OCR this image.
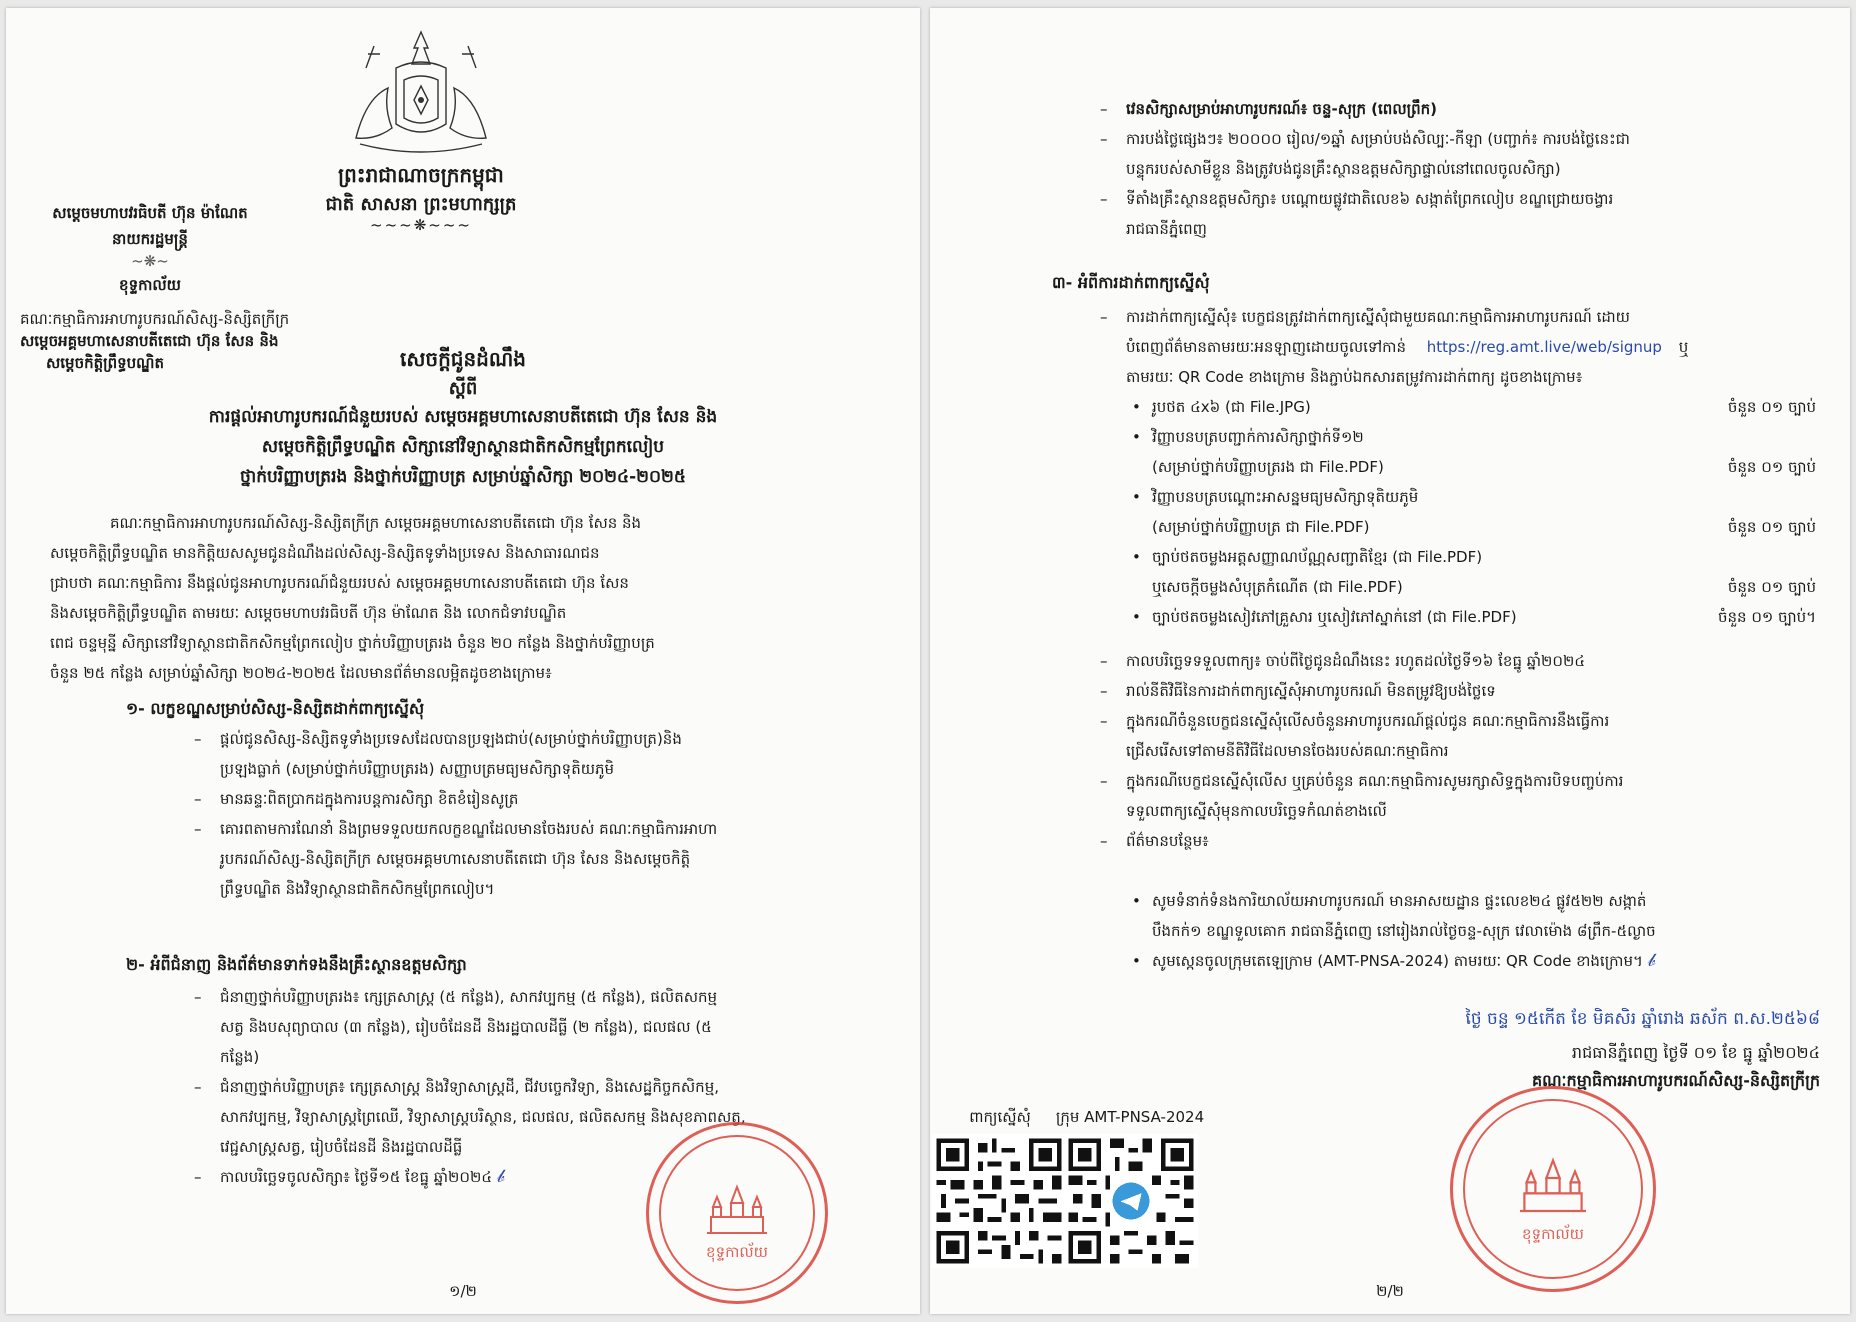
ព្រះរាជាណាចក្រកម្ពុជា
ជាតិ សាសនា ព្រះមហាក្សត្រ
~~~❋~~~
សម្តេចមហាបវរធិបតី ហ៊ុន ម៉ាណែត
នាយករដ្ឋមន្ត្រី
~❋~
ខុទ្ទកាល័យ
គណៈកម្មាធិការអាហារូបករណ៍សិស្ស-និស្សិតក្រីក្រ
សម្តេចអគ្គមហាសេនាបតីតេជោ ហ៊ុន សែន និង
សម្តេចកិត្តិព្រឹទ្ធបណ្ឌិត	សេចក្តីជូនដំណឹង
ស្តីពី
ការផ្តល់អាហារូបករណ៍ជំនួយរបស់ សម្តេចអគ្គមហាសេនាបតីតេជោ ហ៊ុន សែន និង
សម្តេចកិត្តិព្រឹទ្ធបណ្ឌិត សិក្សានៅវិទ្យាស្ថានជាតិកសិកម្មព្រែកលៀប
ថ្នាក់បរិញ្ញាបត្ររង និងថ្នាក់បរិញ្ញាបត្រ សម្រាប់ឆ្នាំសិក្សា ២០២៤-២០២៥
គណៈកម្មាធិការអាហារូបករណ៍សិស្ស-និស្សិតក្រីក្រ សម្តេចអគ្គមហាសេនាបតីតេជោ ហ៊ុន សែន និង
សម្តេចកិត្តិព្រឹទ្ធបណ្ឌិត មានកិត្តិយសសូមជូនដំណឹងដល់សិស្ស-និស្សិតទូទាំងប្រទេស និងសាធារណជន
ជ្រាបថា គណៈកម្មាធិការ នឹងផ្តល់ជូនអាហារូបករណ៍ជំនួយរបស់ សម្តេចអគ្គមហាសេនាបតីតេជោ ហ៊ុន សែន
និងសម្តេចកិត្តិព្រឹទ្ធបណ្ឌិត តាមរយៈ សម្តេចមហាបវរធិបតី ហ៊ុន ម៉ាណែត និង លោកជំទាវបណ្ឌិត
ពេជ ចន្ទមុន្នី សិក្សានៅវិទ្យាស្ថានជាតិកសិកម្មព្រែកលៀប ថ្នាក់បរិញ្ញាបត្ររង ចំនួន ២០ កន្លែង និងថ្នាក់បរិញ្ញាបត្រ
ចំនួន ២៥ កន្លែង សម្រាប់ឆ្នាំសិក្សា ២០២៤-២០២៥ ដែលមានព័ត៌មានលម្អិតដូចខាងក្រោម៖
១- លក្ខខណ្ឌសម្រាប់សិស្ស-និស្សិតដាក់ពាក្យស្នើសុំ
– ផ្តល់ជូនសិស្ស-និស្សិតទូទាំងប្រទេសដែលបានប្រឡងជាប់(សម្រាប់ថ្នាក់បរិញ្ញាបត្រ)និង
ប្រឡងធ្លាក់ (សម្រាប់ថ្នាក់បរិញ្ញាបត្ររង) សញ្ញាបត្រមធ្យមសិក្សាទុតិយភូមិ
– មានឆន្ទៈពិតប្រាកដក្នុងការបន្តការសិក្សា ខិតខំរៀនសូត្រ
– គោរពតាមការណែនាំ និងព្រមទទួលយកលក្ខខណ្ឌដែលមានចែងរបស់ គណៈកម្មាធិការអាហា
រូបករណ៍សិស្ស-និស្សិតក្រីក្រ សម្តេចអគ្គមហាសេនាបតីតេជោ ហ៊ុន សែន និងសម្តេចកិត្តិ
ព្រឹទ្ធបណ្ឌិត និងវិទ្យាស្ថានជាតិកសិកម្មព្រែកលៀប។
២- អំពីជំនាញ និងព័ត៌មានទាក់ទងនឹងគ្រឹះស្ថានឧត្តមសិក្សា
– ជំនាញថ្នាក់បរិញ្ញាបត្ររង៖ ក្សេត្រសាស្ត្រ (៥ កន្លែង), សាកវប្បកម្ម (៥ កន្លែង), ផលិតសកម្ម
សត្វ និងបសុព្យាបាល (៣ កន្លែង), រៀបចំដែនដី និងរដ្ឋបាលដីធ្លី (២ កន្លែង), ជលផល (៥
កន្លែង)
– ជំនាញថ្នាក់បរិញ្ញាបត្រ៖ ក្សេត្រសាស្ត្រ និងវិទ្យាសាស្ត្រដី, ជីវបច្ចេកវិទ្យា, និងសេដ្ឋកិច្ចកសិកម្ម,
សាកវប្បកម្ម, វិទ្យាសាស្ត្រព្រៃឈើ, វិទ្យាសាស្ត្របរិស្ថាន, ជលផល, ផលិតសកម្ម និងសុខភាពសត្វ,
វេជ្ជសាស្ត្រសត្វ, រៀបចំដែនដី និងរដ្ឋបាលដីធ្លី
– កាលបរិច្ឆេទចូលសិក្សា៖ ថ្ងៃទី១៥ ខែធ្នូ ឆ្នាំ២០២៤ 𝒷
ខុទ្ទកាល័យ
១/២
– វេនសិក្សាសម្រាប់អាហារូបករណ៍៖ ចន្ទ-សុក្រ (ពេលព្រឹក)
– ការបង់ថ្លៃផ្សេងៗ៖ ២០០០០ រៀល/១ឆ្នាំ សម្រាប់បង់សិល្បៈ-កីឡា (បញ្ជាក់៖ ការបង់ថ្លៃនេះជា
បន្ទុករបស់សាមីខ្លួន និងត្រូវបង់ជូនគ្រឹះស្ថានឧត្តមសិក្សាផ្ទាល់នៅពេលចូលសិក្សា)
– ទីតាំងគ្រឹះស្ថានឧត្តមសិក្សា៖ បណ្តោយផ្លូវជាតិលេខ៦ សង្កាត់ព្រែកលៀប ខណ្ឌជ្រោយចង្វារ
រាជធានីភ្នំពេញ
៣- អំពីការដាក់ពាក្យស្នើសុំ
– ការដាក់ពាក្យស្នើសុំ៖ បេក្ខជនត្រូវដាក់ពាក្យស្នើសុំជាមួយគណៈកម្មាធិការអាហារូបករណ៍ ដោយ
បំពេញព័ត៌មានតាមរយៈអនឡាញដោយចូលទៅកាន់ https://reg.amt.live/web/signup ឬ
តាមរយៈ QR Code ខាងក្រោម និងភ្ជាប់ឯកសារតម្រូវការដាក់ពាក្យ ដូចខាងក្រោម៖
• រូបថត ៤x៦ (ជា File.JPG)	ចំនួន ០១ ច្បាប់
• វិញ្ញាបនបត្របញ្ជាក់ការសិក្សាថ្នាក់ទី១២
(សម្រាប់ថ្នាក់បរិញ្ញាបត្ររង ជា File.PDF)	ចំនួន ០១ ច្បាប់
• វិញ្ញាបនបត្របណ្តោះអាសន្នមធ្យមសិក្សាទុតិយភូមិ
(សម្រាប់ថ្នាក់បរិញ្ញាបត្រ ជា File.PDF)	ចំនួន ០១ ច្បាប់
• ច្បាប់ថតចម្លងអត្តសញ្ញាណប័ណ្ណសញ្ជាតិខ្មែរ (ជា File.PDF)
ឬសេចក្តីចម្លងសំបុត្រកំណើត (ជា File.PDF)	ចំនួន ០១ ច្បាប់
• ច្បាប់ថតចម្លងសៀវភៅគ្រួសារ ឬសៀវភៅស្នាក់នៅ (ជា File.PDF)	ចំនួន ០១ ច្បាប់។
– កាលបរិច្ឆេទទទួលពាក្យ៖ ចាប់ពីថ្ងៃជូនដំណឹងនេះ រហូតដល់ថ្ងៃទី១៦ ខែធ្នូ ឆ្នាំ២០២៤
– រាល់នីតិវិធីនៃការដាក់ពាក្យស្នើសុំអាហារូបករណ៍ មិនតម្រូវឱ្យបង់ថ្លៃទេ
– ក្នុងករណីចំនួនបេក្ខជនស្នើសុំលើសចំនួនអាហារូបករណ៍ផ្តល់ជូន គណៈកម្មាធិការនឹងធ្វើការ
ជ្រើសរើសទៅតាមនីតិវិធីដែលមានចែងរបស់គណៈកម្មាធិការ
– ក្នុងករណីបេក្ខជនស្នើសុំលើស ឬគ្រប់ចំនួន គណៈកម្មាធិការសូមរក្សាសិទ្ធក្នុងការបិទបញ្ចប់ការ
ទទួលពាក្យស្នើសុំមុនកាលបរិច្ឆេទកំណត់ខាងលើ
– ព័ត៌មានបន្ថែម៖
• សូមទំនាក់ទំនងការិយាល័យអាហារូបករណ៍ មានអាសយដ្ឋាន ផ្ទះលេខ២៤ ផ្លូវ៥២២ សង្កាត់
បឹងកក់១ ខណ្ឌទួលគោក រាជធានីភ្នំពេញ នៅរៀងរាល់ថ្ងៃចន្ទ-សុក្រ វេលាម៉ោង ៨ព្រឹក-៥ល្ងាច
• សូមស្កេនចូលក្រុមតេឡេក្រាម (AMT-PNSA-2024) តាមរយៈ QR Code ខាងក្រោម។ 𝒷
ថ្ងៃ ចន្ទ ១៥កើត ខែ មិគសិរ ឆ្នាំរោង ឆស័ក ព.ស.២៥៦៨
រាជធានីភ្នំពេញ ថ្ងៃទី ០១ ខែ ធ្នូ ឆ្នាំ២០២៤
គណៈកម្មាធិការអាហារូបករណ៍សិស្ស-និស្សិតក្រីក្រ
ខុទ្ទកាល័យ
ពាក្យស្នើសុំ	ក្រុម AMT-PNSA-2024
២/២
